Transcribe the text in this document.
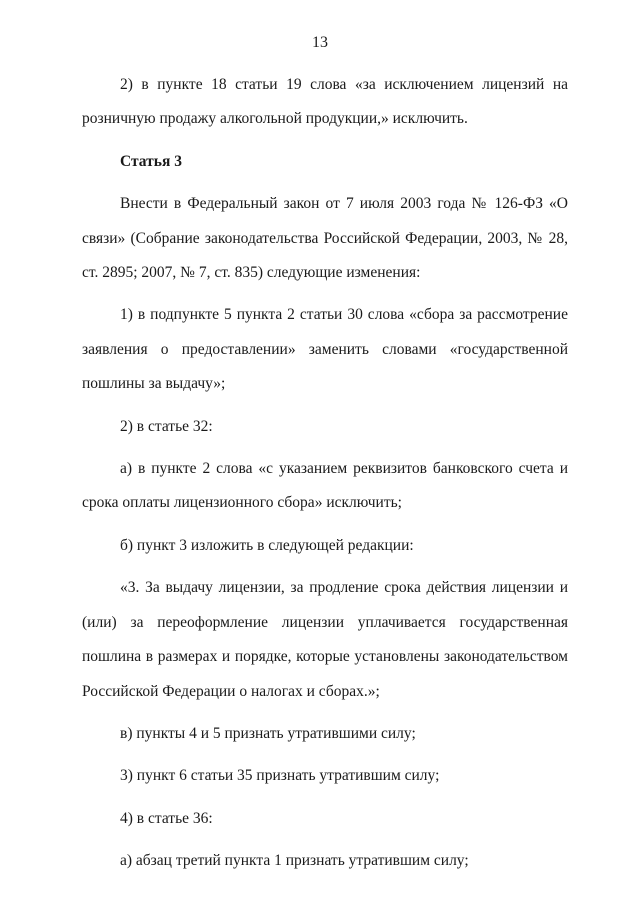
13

2) в пункте 18 статьи 19 слова «за исключением лицензий на розничную продажу алкогольной продукции,» исключить.

Статья 3

Внести в Федеральный закон от 7 июля 2003 года № 126-ФЗ «О связи» (Собрание законодательства Российской Федерации, 2003, № 28, ст. 2895; 2007, № 7, ст. 835) следующие изменения:

1) в подпункте 5 пункта 2 статьи 30 слова «сбора за рассмотрение заявления о предоставлении» заменить словами «государственной пошлины за выдачу»;

2) в статье 32:

а) в пункте 2 слова «с указанием реквизитов банковского счета и срока оплаты лицензионного сбора» исключить;

б) пункт 3 изложить в следующей редакции:

«3. За выдачу лицензии, за продление срока действия лицензии и (или) за переоформление лицензии уплачивается государственная пошлина в размерах и порядке, которые установлены законодательством Российской Федерации о налогах и сборах.»;

в) пункты 4 и 5 признать утратившими силу;

3) пункт 6 статьи 35 признать утратившим силу;

4) в статье 36:

а) абзац третий пункта 1 признать утратившим силу;
